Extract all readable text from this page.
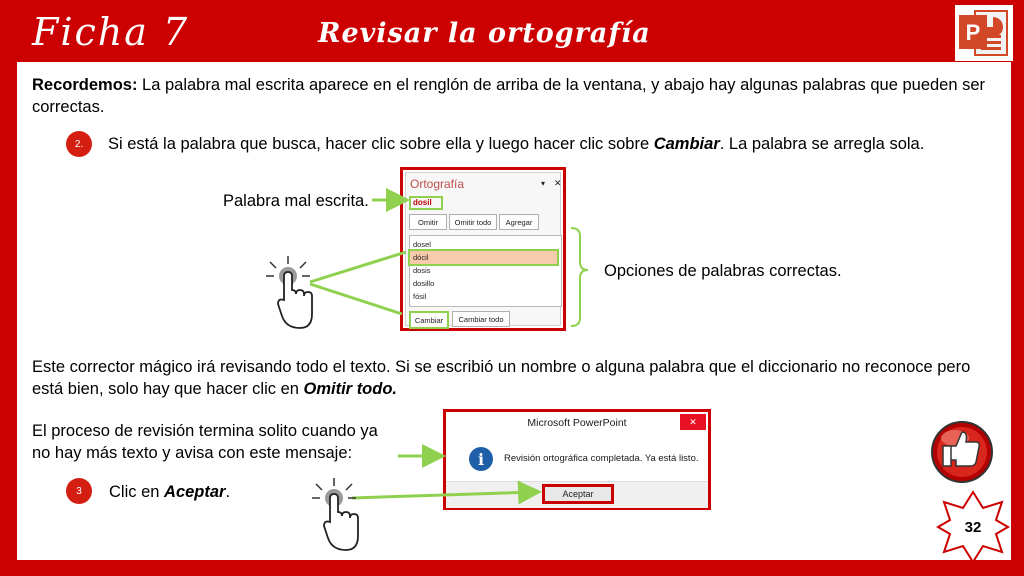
Ficha 7	Revisar la ortografía	P
Recordemos: La palabra mal escrita aparece en el renglón de arriba de la ventana, y abajo hay algunas palabras que pueden ser correctas.
2.	Si está la palabra que busca, hacer clic sobre ella y luego hacer clic sobre Cambiar. La palabra se arregla sola.
Palabra mal escrita.
Opciones de palabras correctas.
Este corrector mágico irá revisando todo el texto. Si se escribió un nombre o alguna palabra que el diccionario no reconoce pero está bien, solo hay que hacer clic en Omitir todo.
El proceso de revisión termina solito cuando ya no hay más texto y avisa con este mensaje:
3	Clic en Aceptar.
Ortografía	▾ ✕
dosil
Omitir	Omitir todo	Agregar
dosel
dócil
dosis
dosillo
fósil
Cambiar	Cambiar todo
Microsoft PowerPoint	✕
i	Revisión ortográfica completada. Ya está listo.
Aceptar
32
